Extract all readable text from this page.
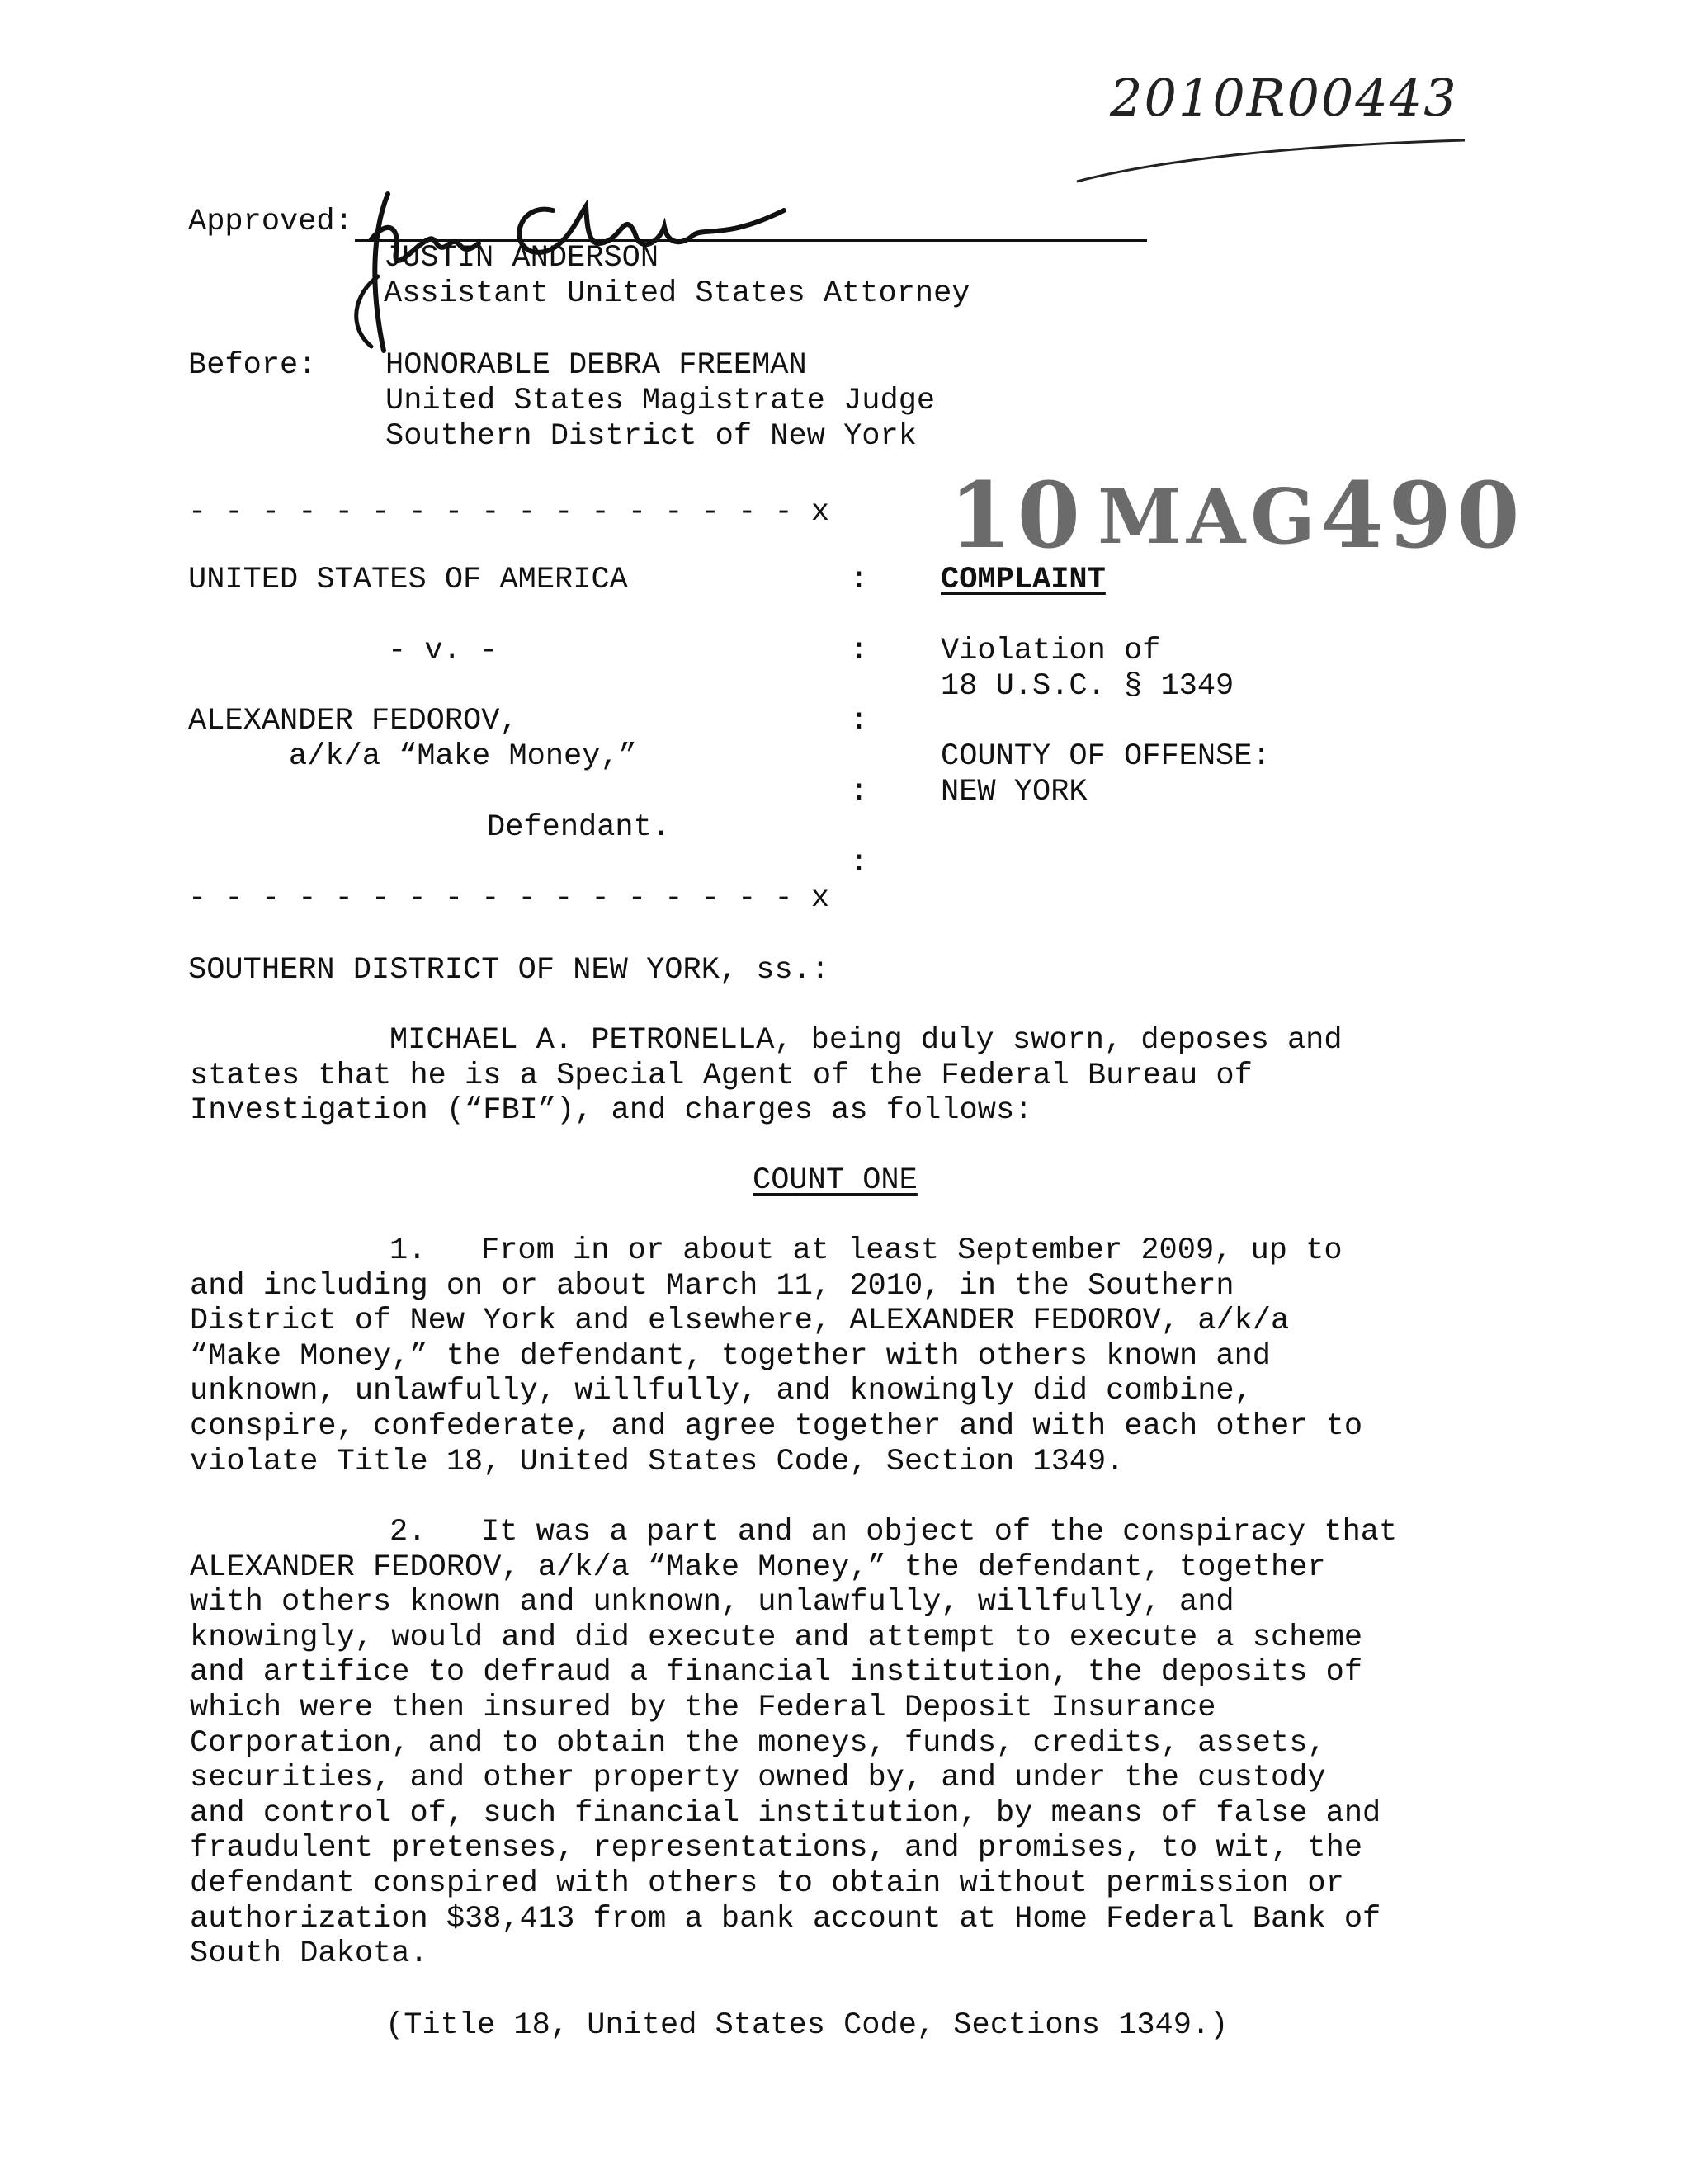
2010R00443
Approved:
JUSTIN ANDERSON
Assistant United States Attorney
Before: HONORABLE DEBRA FREEMAN
United States Magistrate Judge
Southern District of New York
10 MAG 490
- - - - - - - - - - - - - - - - - x
UNITED STATES OF AMERICA	: COMPLAINT
- v. -	: Violation of
18 U.S.C. § 1349
ALEXANDER FEDOROV,	:
a/k/a “Make Money,”	COUNTY OF OFFENSE:
: NEW YORK
Defendant.
:
- - - - - - - - - - - - - - - - - x
SOUTHERN DISTRICT OF NEW YORK, ss.:
MICHAEL A. PETRONELLA, being duly sworn, deposes and
states that he is a Special Agent of the Federal Bureau of
Investigation (“FBI”), and charges as follows:
COUNT ONE
1.   From in or about at least September 2009, up to
and including on or about March 11, 2010, in the Southern
District of New York and elsewhere, ALEXANDER FEDOROV, a/k/a
“Make Money,” the defendant, together with others known and
unknown, unlawfully, willfully, and knowingly did combine,
conspire, confederate, and agree together and with each other to
violate Title 18, United States Code, Section 1349.
2.   It was a part and an object of the conspiracy that
ALEXANDER FEDOROV, a/k/a “Make Money,” the defendant, together
with others known and unknown, unlawfully, willfully, and
knowingly, would and did execute and attempt to execute a scheme
and artifice to defraud a financial institution, the deposits of
which were then insured by the Federal Deposit Insurance
Corporation, and to obtain the moneys, funds, credits, assets,
securities, and other property owned by, and under the custody
and control of, such financial institution, by means of false and
fraudulent pretenses, representations, and promises, to wit, the
defendant conspired with others to obtain without permission or
authorization $38,413 from a bank account at Home Federal Bank of
South Dakota.
(Title 18, United States Code, Sections 1349.)
